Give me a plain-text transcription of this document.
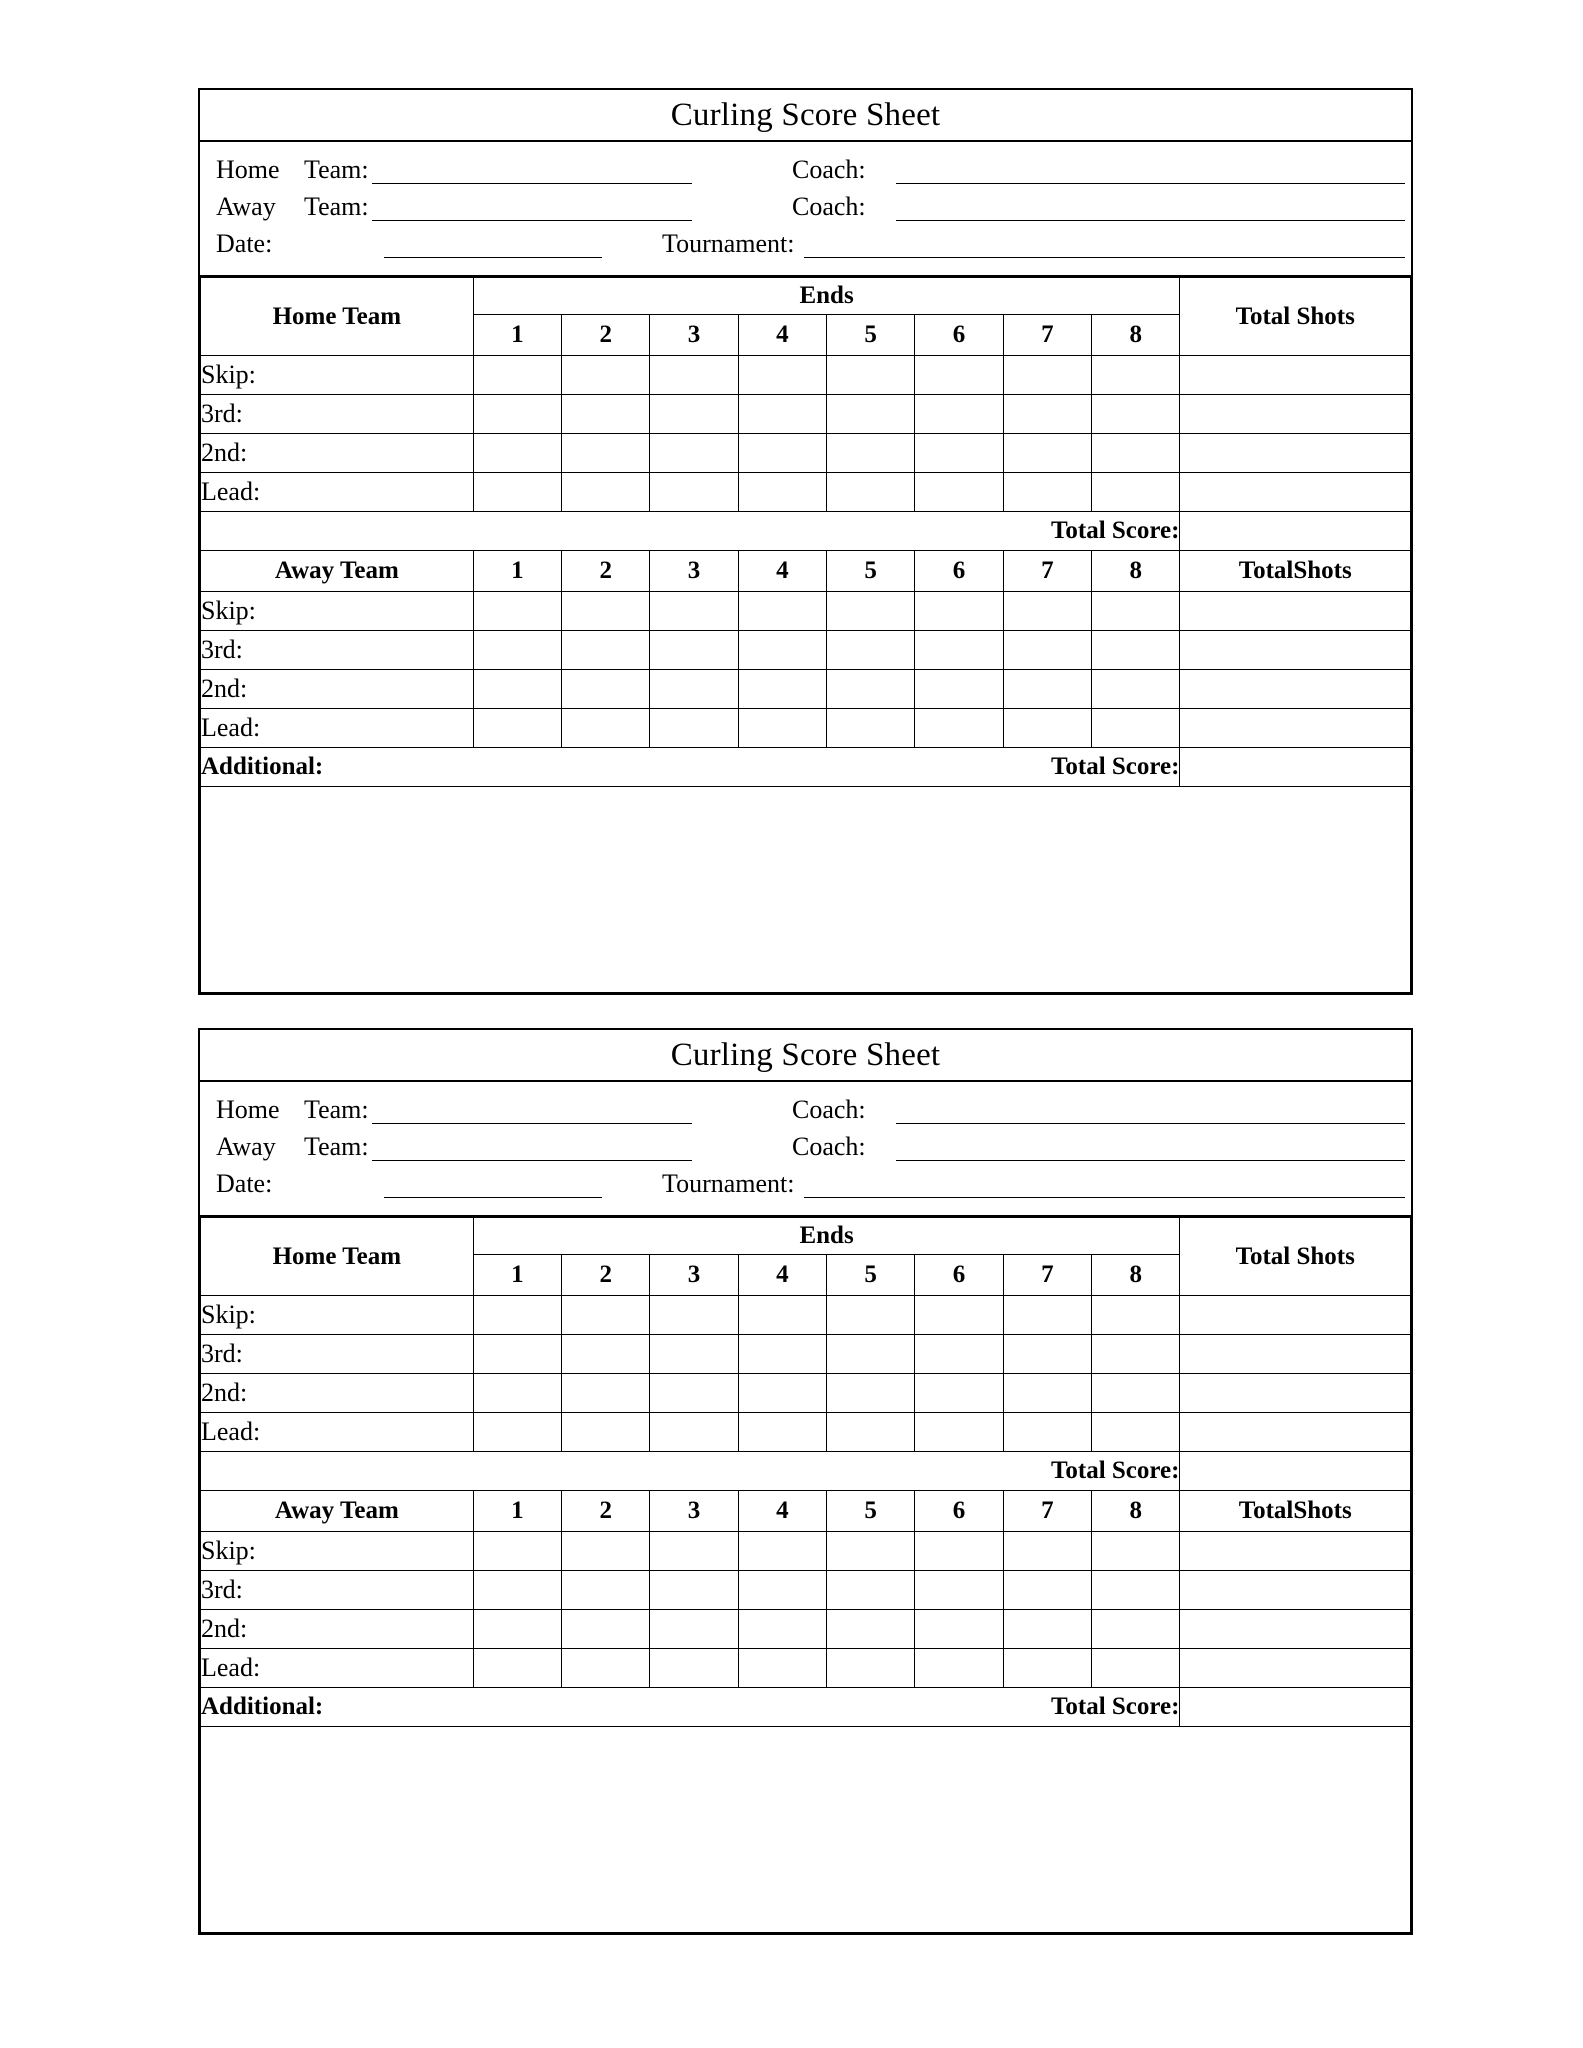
Curling Score Sheet
Home Team:	Coach:
Away	Team:	Coach:
Date:	Tournament:
Home Team	Ends								Total Shots
	1	2	3	4	5	6	7	8	
Skip:									
3rd:									
2nd:									
Lead:									
Total Score:									
Away Team	1	2	3	4	5	6	7	8	TotalShots
Skip:									
3rd:									
2nd:									
Lead:									

Additional: Total Score:									

Curling Score Sheet
Home Team:	Coach:
Away	Team:	Coach:
Date:	Tournament:
Home Team	Ends								Total Shots
	1	2	3	4	5	6	7	8	
Skip:									
3rd:									
2nd:									
Lead:									
Total Score:									
Away Team	1	2	3	4	5	6	7	8	TotalShots
Skip:									
3rd:									
2nd:									
Lead:									

Additional: Total Score:									
